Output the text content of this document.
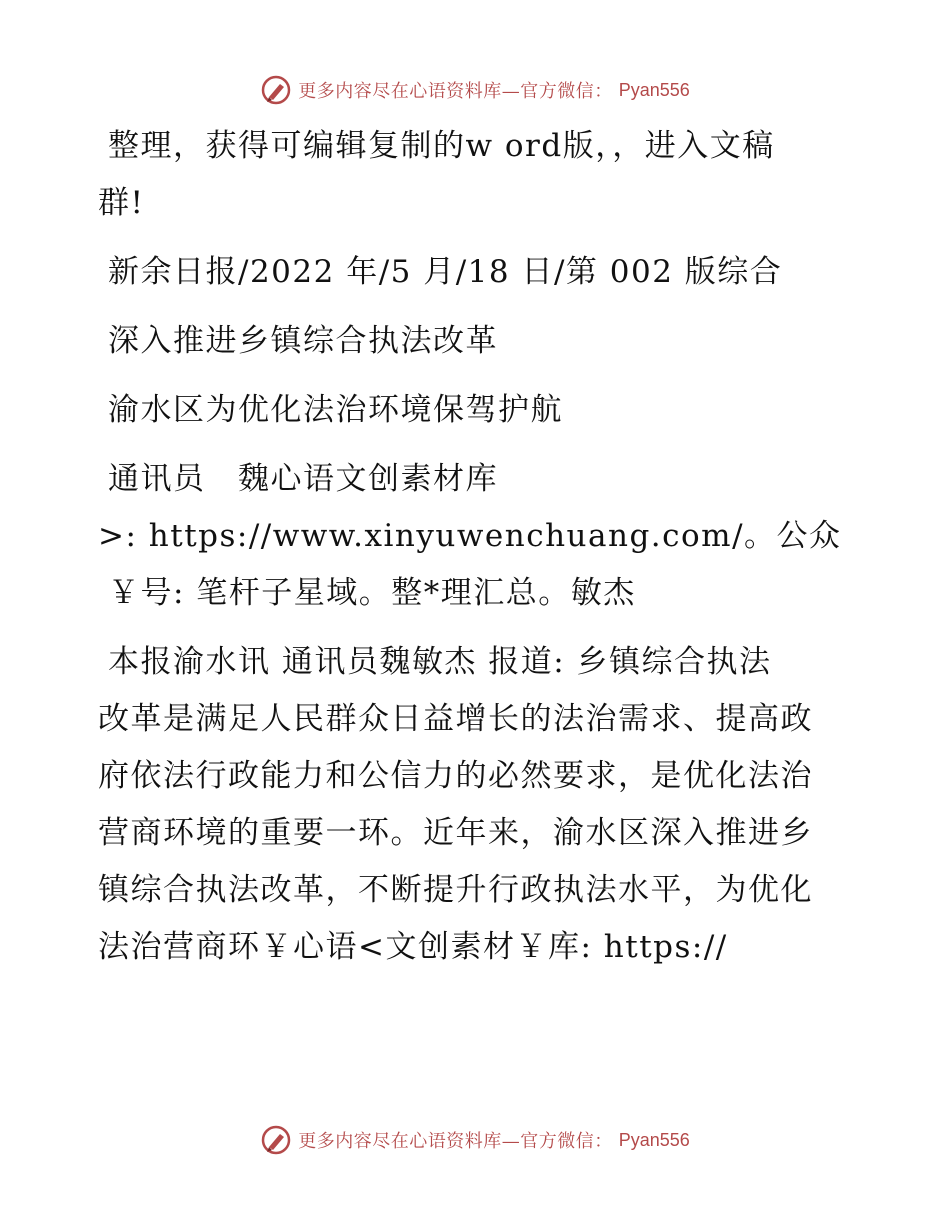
更多内容尽在心语资料库—官方微信： Pyan556
整理，获得可编辑复制的w ord版，，进入文稿
群!
新余日报/2022 年/5 月/18 日/第 002 版综合
深入推进乡镇综合执法改革
渝水区为优化法治环境保驾护航
通讯员　魏心语文创素材库
>: https://www.xinyuwenchuang.com/。公众
￥号: 笔杆子星域。整*理汇总。敏杰
本报渝水讯 通讯员魏敏杰 报道: 乡镇综合执法
改革是满足人民群众日益增长的法治需求、提高政
府依法行政能力和公信力的必然要求，是优化法治
营商环境的重要一环。近年来，渝水区深入推进乡
镇综合执法改革，不断提升行政执法水平，为优化
法治营商环￥心语<文创素材￥库: https://
更多内容尽在心语资料库—官方微信： Pyan556
